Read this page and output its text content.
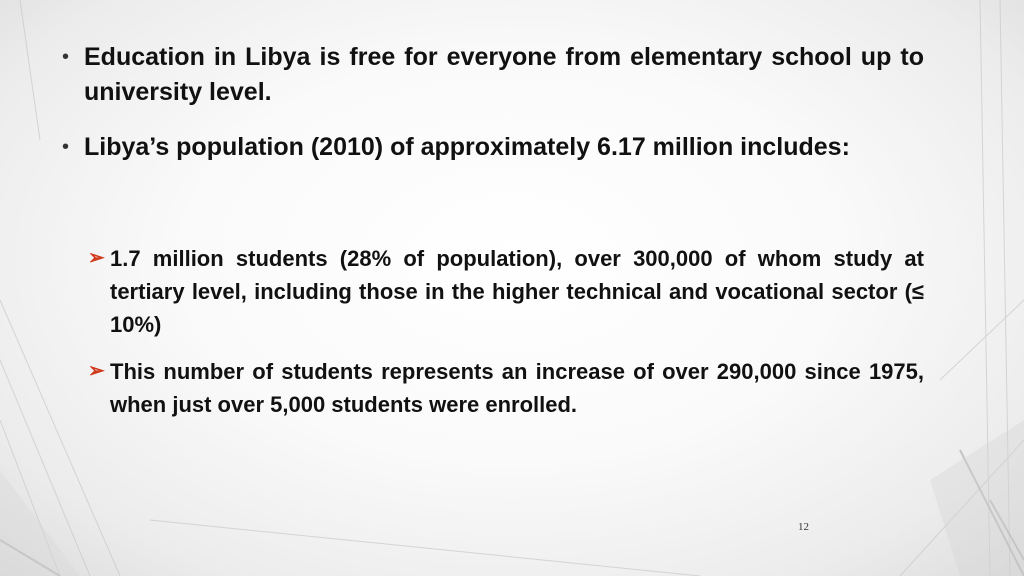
• Education in Libya is free for everyone from elementary school up to university level.
• Libya’s population (2010) of approximately 6.17 million includes:
➢ 1.7 million students (28% of population), over 300,000 of whom study at tertiary level, including those in the higher technical and vocational sector (≤ 10%)
➢ This number of students represents an increase of over 290,000 since 1975, when just over 5,000 students were enrolled.
12
